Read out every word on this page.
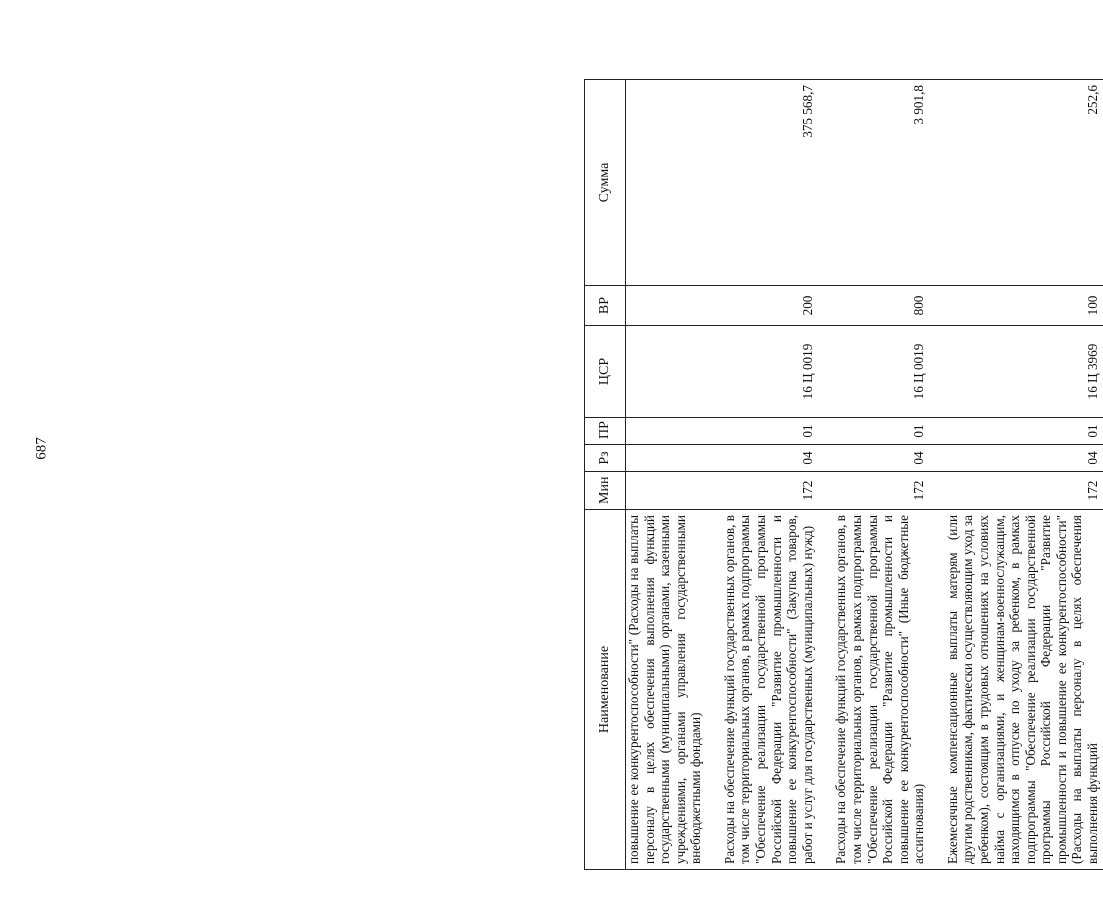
687
Наименование	Мин	Рз	ПР	ЦСР	ВР	Сумма
повышение ее конкурентоспособности" (Расходы на выплаты персоналу в целях обеспечения выполнения функций государственными (муниципальными) органами, казенными учреждениями, органами управления государственными внебюджетными фондами)						

Расходы на обеспечение функций государственных органов, в том числе территориальных органов, в рамках подпрограммы "Обеспечение реализации государственной программы Российской Федерации "Развитие промышленности и повышение ее конкурентоспособности" (Закупка товаров, работ и услуг для государственных (муниципальных) нужд)	172	04	01	16 Ц 0019	200	375 568,7

Расходы на обеспечение функций государственных органов, в том числе территориальных органов, в рамках подпрограммы "Обеспечение реализации государственной программы Российской Федерации "Развитие промышленности и повышение ее конкурентоспособности" (Иные бюджетные ассигнования)	172	04	01	16 Ц 0019	800	3 901,8

Ежемесячные компенсационные выплаты матерям (или другим родственникам, фактически осуществляющим уход за ребенком), состоящим в трудовых отношениях на условиях найма с организациями, и женщинам-военнослужащим, находящимся в отпуске по уходу за ребенком, в рамках подпрограммы "Обеспечение реализации государственной программы Российской Федерации "Развитие промышленности и повышение ее конкурентоспособности" (Расходы на выплаты персоналу в целях обеспечения выполнения функций	172	04	01	16 Ц 3969	100	252,6
